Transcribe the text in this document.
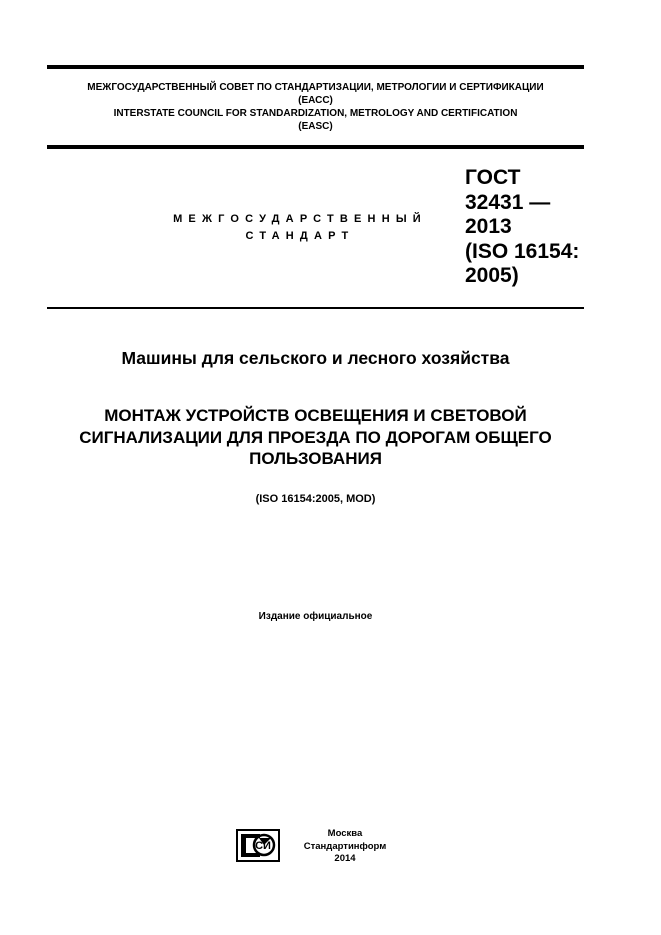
МЕЖГОСУДАРСТВЕННЫЙ СОВЕТ ПО СТАНДАРТИЗАЦИИ, МЕТРОЛОГИИ И СЕРТИФИКАЦИИ
(ЕАСС)
INTERSTATE COUNCIL FOR STANDARDIZATION, METROLOGY AND CERTIFICATION
(EASC)
МЕЖГОСУДАРСТВЕННЫЙ
СТАНДАРТ
ГОСТ
32431 —
2013
(ISO 16154:
2005)
Машины для сельского и лесного хозяйства
МОНТАЖ УСТРОЙСТВ ОСВЕЩЕНИЯ И СВЕТОВОЙ
СИГНАЛИЗАЦИИ ДЛЯ ПРОЕЗДА ПО ДОРОГАМ ОБЩЕГО
ПОЛЬЗОВАНИЯ
(ISO 16154:2005, MOD)
Издание официальное
СИ
Москва
Стандартинформ
2014
